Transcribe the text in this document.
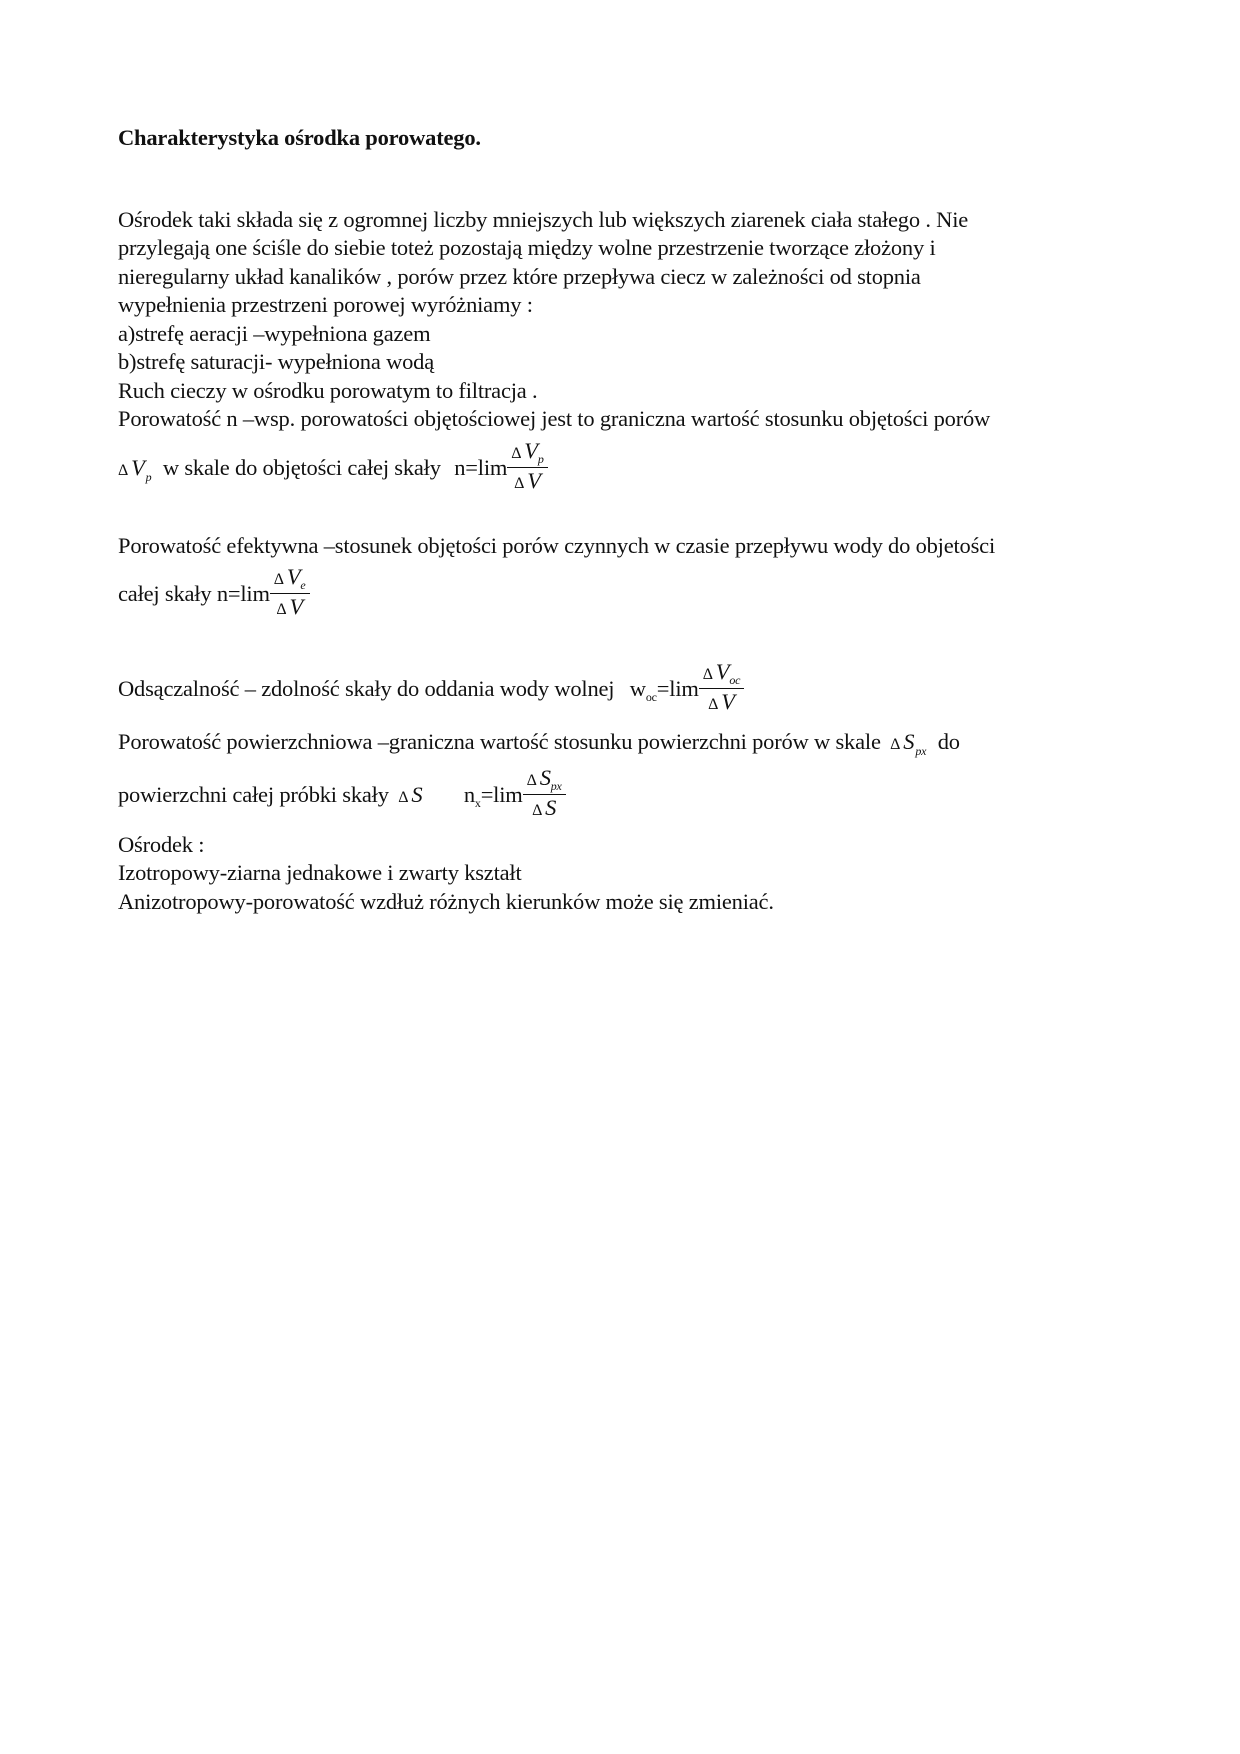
Charakterystyka ośrodka porowatego.
Ośrodek taki składa się z ogromnej liczby mniejszych lub większych ziarenek ciała stałego . Nie
przylegają one ściśle do siebie toteż pozostają między wolne przestrzenie tworzące złożony i
nieregularny układ kanalików , porów przez które przepływa ciecz w zależności od stopnia
wypełnienia przestrzeni porowej wyróżniamy :
a)strefę aeracji –wypełniona gazem
b)strefę saturacji- wypełniona wodą
Ruch cieczy w ośrodku porowatym to filtracja .
Porowatość n –wsp. porowatości objętościowej jest to graniczna wartość stosunku objętości porów
Δ $V_p$ w skale do objętości całej skały $n=\lim \frac{\Delta V_p}{\text{Δ V}}$
Porowatość efektywna –stosunek objętości porów czynnych w czasie przepływu wody do objetości
całej skały $n=\lim \frac{\Delta V_e}{\text{Δ V}}$
Odsączalność – zdolność skały do oddania wody wolnej $w_{oc}=\lim \frac{\Delta V_{oc}}{\text{Δ V}}$
Porowatość powierzchniowa –graniczna wartość stosunku powierzchni porów w skale Δ $S_{px}$ do
powierzchni całej próbki skały Δ S $n_x=\lim \frac{\Delta S_{px}}{\text{Δ S}}$
Ośrodek :
Izotropowy-ziarna jednakowe i zwarty kształt
Anizotropowy-porowatość wzdłuż różnych kierunków może się zmieniać.
